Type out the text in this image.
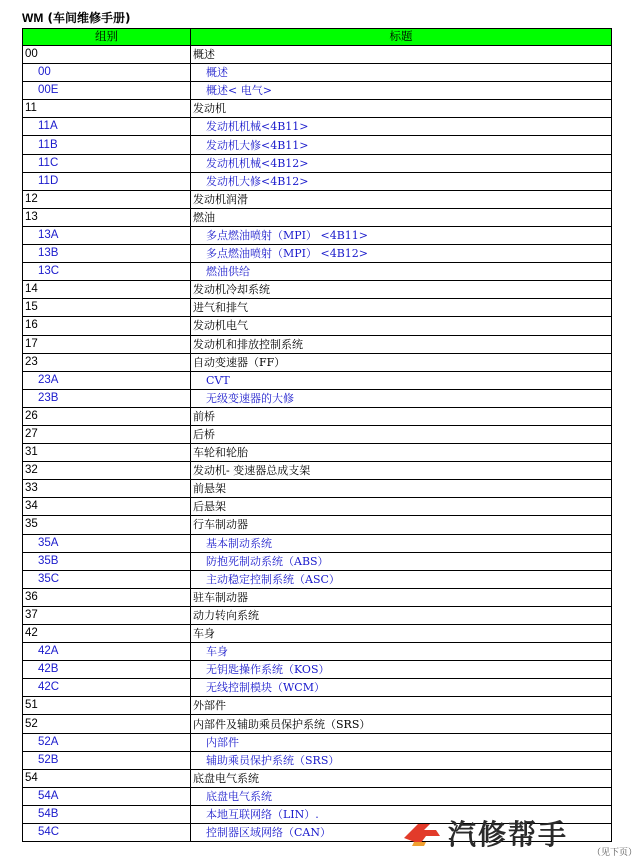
WM (车间维修手册)
组别	标题
00	概述
00	概述
00E	概述< 电气>
11	发动机
11A	发动机机械<4B11>
11B	发动机大修<4B11>
11C	发动机机械<4B12>
11D	发动机大修<4B12>
12	发动机润滑
13	燃油
13A	多点燃油喷射（MPI） <4B11>
13B	多点燃油喷射（MPI） <4B12>
13C	燃油供给
14	发动机冷却系统
15	进气和排气
16	发动机电气
17	发动机和排放控制系统
23	自动变速器（FF）
23A	CVT
23B	无级变速器的大修
26	前桥
27	后桥
31	车轮和轮胎
32	发动机- 变速器总成支架
33	前悬架
34	后悬架
35	行车制动器
35A	基本制动系统
35B	防抱死制动系统（ABS）
35C	主动稳定控制系统（ASC）
36	驻车制动器
37	动力转向系统
42	车身
42A	车身
42B	无钥匙操作系统（KOS）
42C	无线控制模块（WCM）
51	外部件
52	内部件及辅助乘员保护系统（SRS）
52A	内部件
52B	辅助乘员保护系统（SRS）
54	底盘电气系统
54A	底盘电气系统
54B	本地互联网络（LIN）.
54C	控制器区域网络（CAN）	汽修帮手
（见下页）
